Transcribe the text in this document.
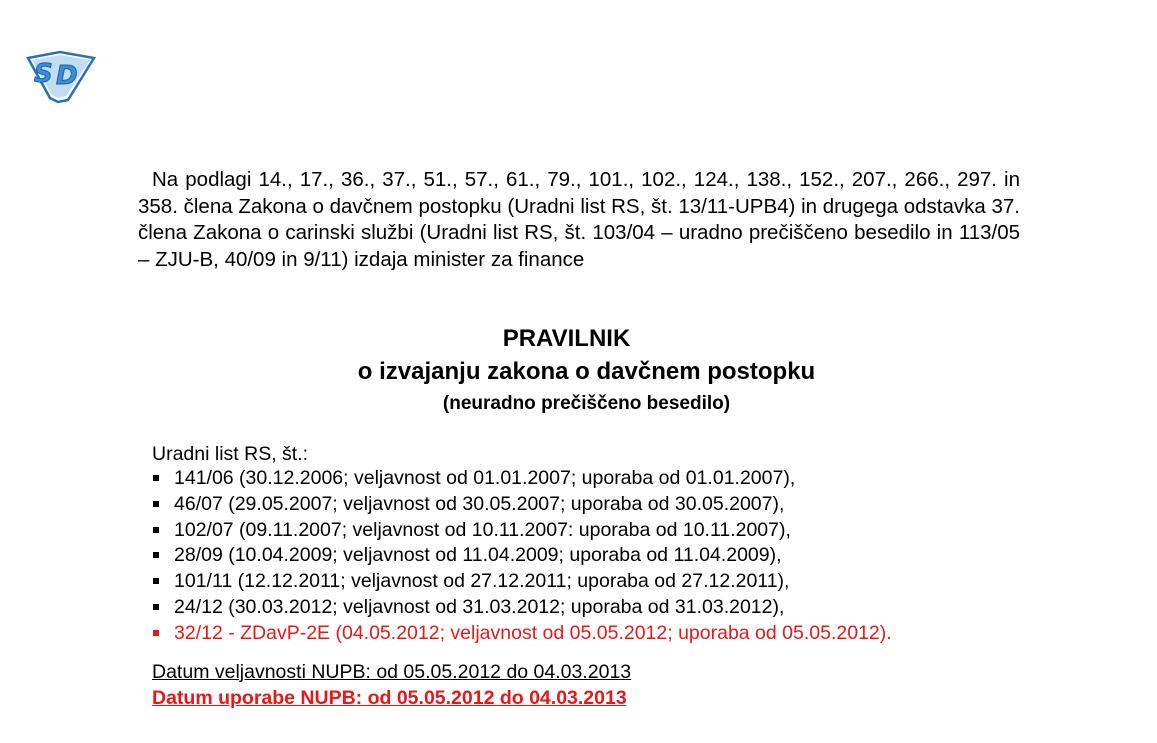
S D

Na podlagi 14., 17., 36., 37., 51., 57., 61., 79., 101., 102., 124., 138., 152., 207., 266., 297. in 358. člena Zakona o davčnem postopku (Uradni list RS, št. 13/11-UPB4) in drugega odstavka 37. člena Zakona o carinski službi (Uradni list RS, št. 103/04 – uradno prečiščeno besedilo in 113/05 – ZJU-B, 40/09 in 9/11) izdaja minister za finance

PRAVILNIK

o izvajanju zakona o davčnem postopku

(neuradno prečiščeno besedilo)

Uradni list RS, št.:

141/06 (30.12.2006; veljavnost od 01.01.2007; uporaba od 01.01.2007),
46/07 (29.05.2007; veljavnost od 30.05.2007; uporaba od 30.05.2007),
102/07 (09.11.2007; veljavnost od 10.11.2007: uporaba od 10.11.2007),
28/09 (10.04.2009; veljavnost od 11.04.2009; uporaba od 11.04.2009),
101/11 (12.12.2011; veljavnost od 27.12.2011; uporaba od 27.12.2011),
24/12 (30.03.2012; veljavnost od 31.03.2012; uporaba od 31.03.2012),
32/12 - ZDavP-2E (04.05.2012; veljavnost od 05.05.2012; uporaba od 05.05.2012).

Datum veljavnosti NUPB: od 05.05.2012 do 04.03.2013

Datum uporabe NUPB: od 05.05.2012 do 04.03.2013
